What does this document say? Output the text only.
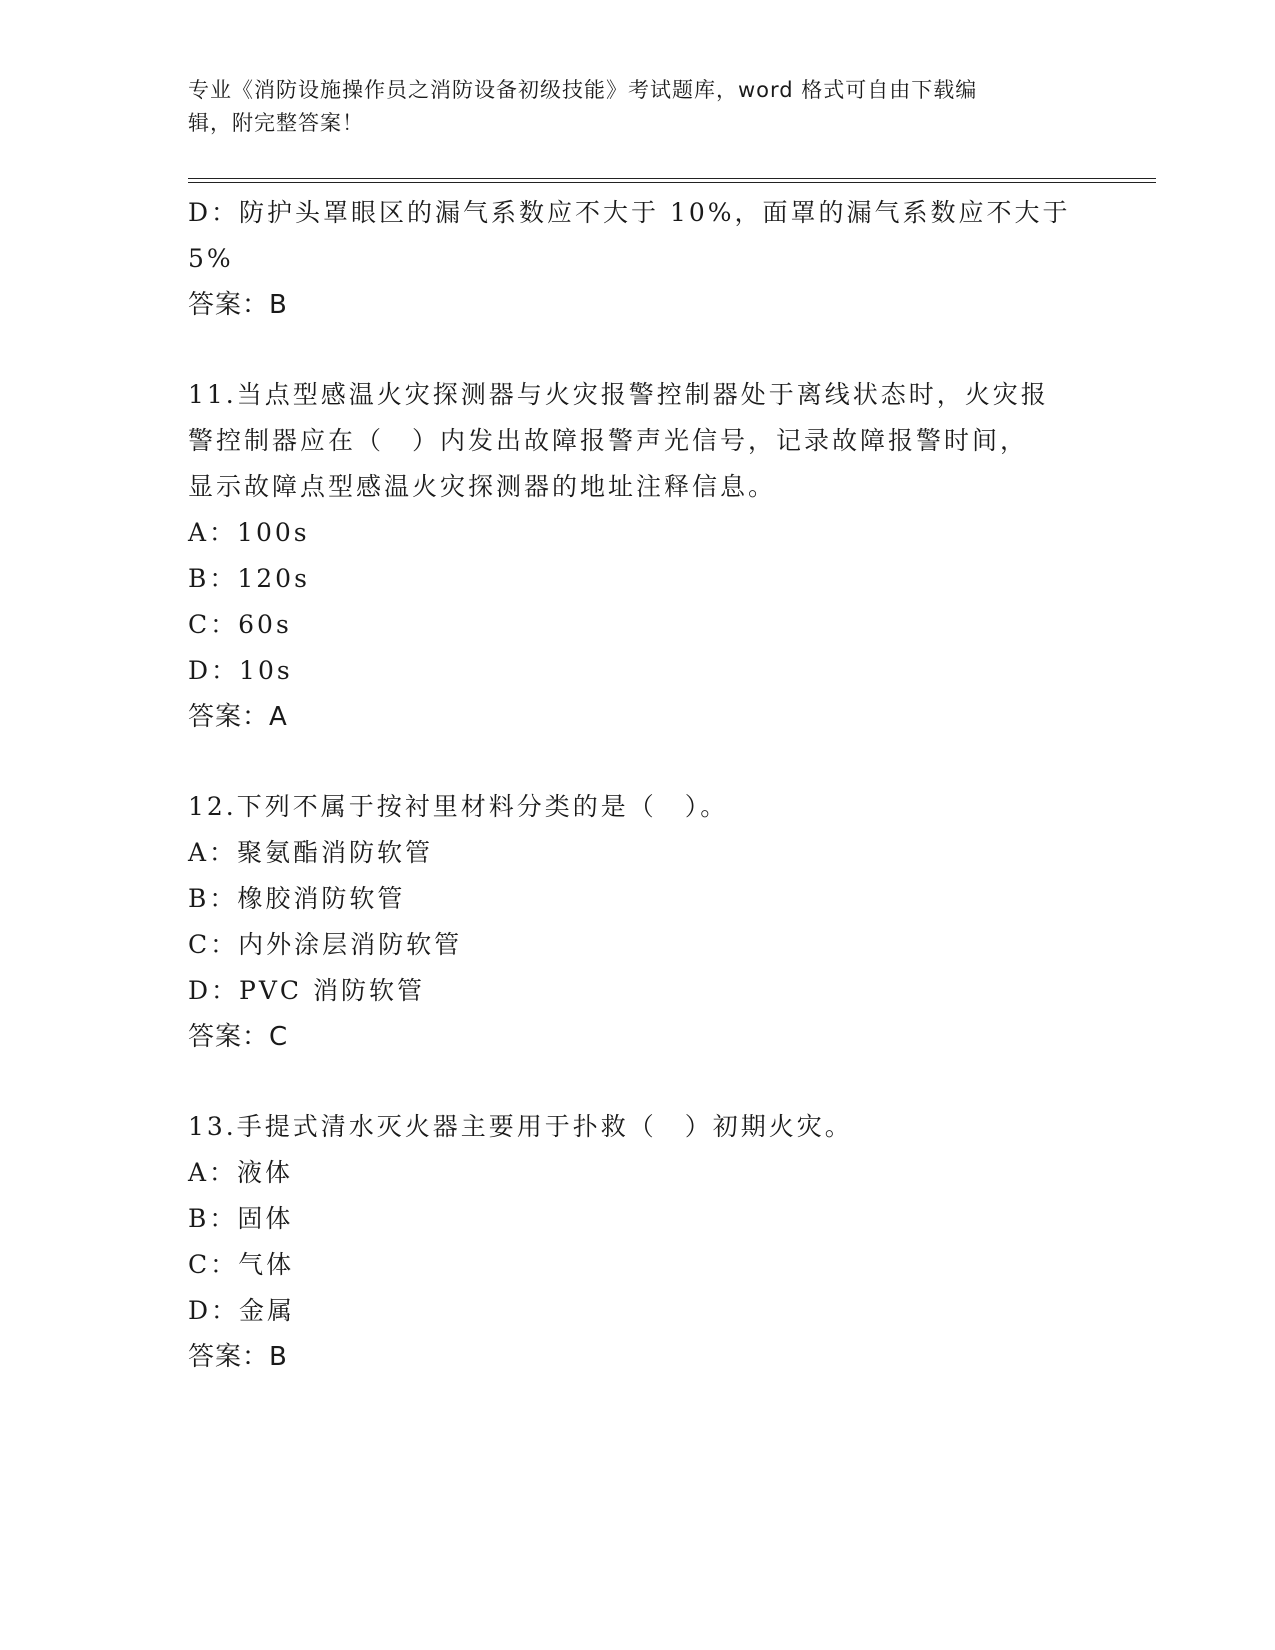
专业《消防设施操作员之消防设备初级技能》考试题库，word 格式可自由下载编
辑，附完整答案！
D：防护头罩眼区的漏气系数应不大于 10%，面罩的漏气系数应不大于
5%
答案：B
11.当点型感温火灾探测器与火灾报警控制器处于离线状态时，火灾报
警控制器应在（　）内发出故障报警声光信号，记录故障报警时间，
显示故障点型感温火灾探测器的地址注释信息。
A：100s
B：120s
C：60s
D：10s
答案：A
12.下列不属于按衬里材料分类的是（　）。
A：聚氨酯消防软管
B：橡胶消防软管
C：内外涂层消防软管
D：PVC 消防软管
答案：C
13.手提式清水灭火器主要用于扑救（　）初期火灾。
A：液体
B：固体
C：气体
D：金属
答案：B
